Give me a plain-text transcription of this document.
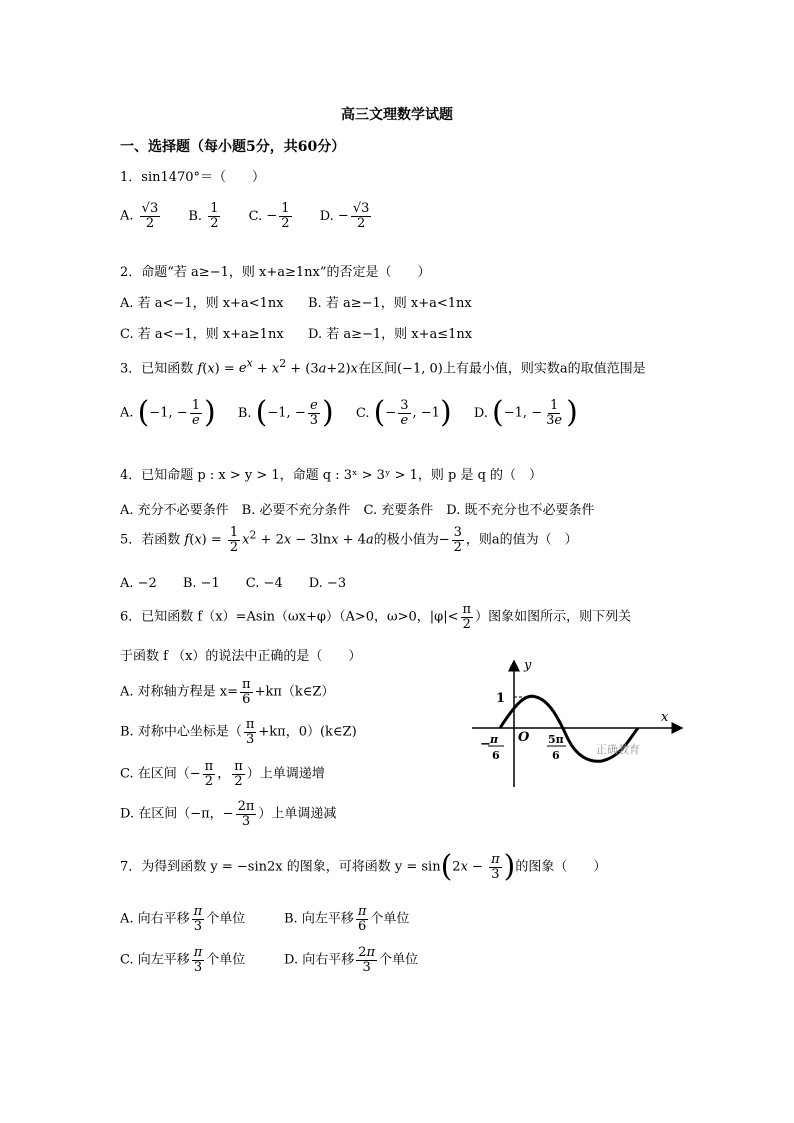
高三文理数学试题
一、选择题（每小题5分，共60分）
1．sin1470°＝（　　）
A. $\frac{√3}{2} B$. $\frac{1}{2} C$. − $\frac{1}{2} D$. − $\frac{√3}{2}$
2．命题“若 a≥−1，则 x+a≥1nx”的否定是（　　）
A. 若 a<−1，则 x+a<1nx B. 若 a≥−1，则 x+a<1nx
C. 若 a<−1，则 x+a≥1nx D. 若 a≥−1，则 x+a≤1nx
3．已知函数 $f(x) = e^x + x^2 + (3a+2)x$在区间(−1, 0)上有最小值，则实数a的取值范围是
A. (−1, − $\frac{1}{e}$ ) B. (−1, − $\frac{e}{3}$ ) C. (− $\frac{3}{e}$ , −1) D. (−1, − $\frac{1}{3e}$ )
4．已知命题 p : x > y > 1，命题 q : 3ˣ > 3ʸ > 1，则 p 是 q 的（　）
A. 充分不必要条件　B. 必要不充分条件　C. 充要条件　D. 既不充分也不必要条件
5．若函数 $f(x) = \frac{1}{2} x^2 + 2x - 3\ln x + 4a$的极小值为− $\frac{3}{2}$ ，则a的值为（　）
A. −2　　B. −1　　C. −4　　D. −3
6．已知函数 f（x）=Asin（ωx+φ）（A>0，ω>0，$|\varphi|< \frac{\pi}{2}$ ）图象如图所示，则下列关
于函数 f （x）的说法中正确的是（　　）
A. 对称轴方程是 $x= \frac{\pi}{6}$ +kπ（k∈Z）
B. 对称中心坐标是（ $\frac{\pi}{3} +k\pi$，0）(k∈Z)
C. 在区间（− $\frac{\pi}{2}$ ， $\frac{\pi}{2}$ ）上单调递增
D. 在区间（−π，− $\frac{2\pi}{3}$ ）上单调递减
y
x
1
O
− π
6
5π
6	正确教育
7．为得到函数 y = −sin2x 的图象，可将函数 $y = \sin(2x - \frac{\pi}{3}$ )的图象（　　）
A. 向右平移 $\frac{\pi}{3}$ 个单位	B. 向左平移 $\frac{\pi}{6}$ 个单位
C. 向左平移 $\frac{\pi}{3}$ 个单位	D. 向右平移 $\frac{2\pi}{3}$ 个单位
